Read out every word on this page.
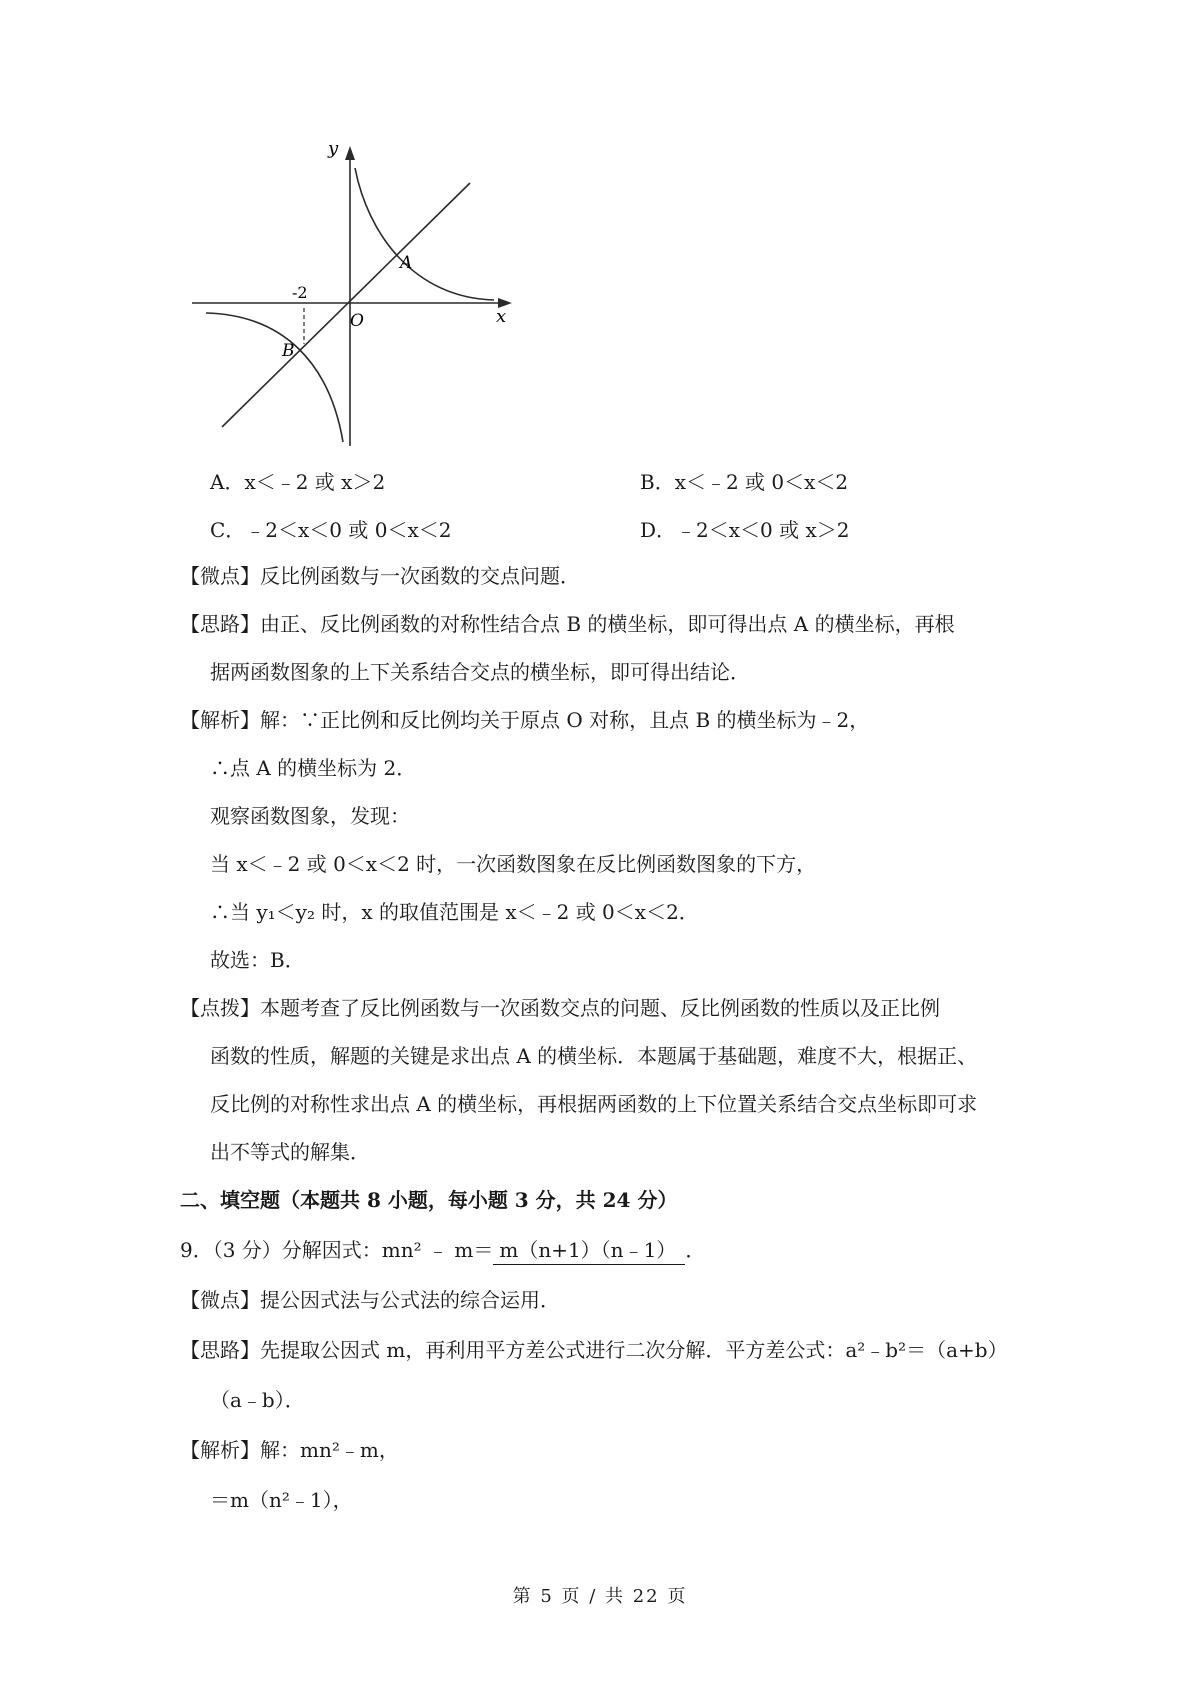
y
x
O
A
B
-2
A．x＜﹣2 或 x＞2	B．x＜﹣2 或 0＜x＜2
C．﹣2＜x＜0 或 0＜x＜2	D．﹣2＜x＜0 或 x＞2
【微点】反比例函数与一次函数的交点问题．
【思路】由正、反比例函数的对称性结合点 B 的横坐标，即可得出点 A 的横坐标，再根
据两函数图象的上下关系结合交点的横坐标，即可得出结论．
【解析】解：∵正比例和反比例均关于原点 O 对称，且点 B 的横坐标为﹣2，
∴点 A 的横坐标为 2．
观察函数图象，发现：
当 x＜﹣2 或 0＜x＜2 时，一次函数图象在反比例函数图象的下方，
∴当 y₁＜y₂ 时，x 的取值范围是 x＜﹣2 或 0＜x＜2．
故选：B．
【点拨】本题考查了反比例函数与一次函数交点的问题、反比例函数的性质以及正比例
函数的性质，解题的关键是求出点 A 的横坐标．本题属于基础题，难度不大，根据正、
反比例的对称性求出点 A 的横坐标，再根据两函数的上下位置关系结合交点坐标即可求
出不等式的解集．
二、填空题（本题共 8 小题，每小题 3 分，共 24 分）
9．（3 分）分解因式：mn² ﹣ m＝ m（n+1）（n﹣1） ．
【微点】提公因式法与公式法的综合运用．
【思路】先提取公因式 m，再利用平方差公式进行二次分解．平方差公式：a²﹣b²＝（a+b）
（a﹣b）．
【解析】解：mn²﹣m，
＝m（n²﹣1），
第 5 页 / 共 22 页
